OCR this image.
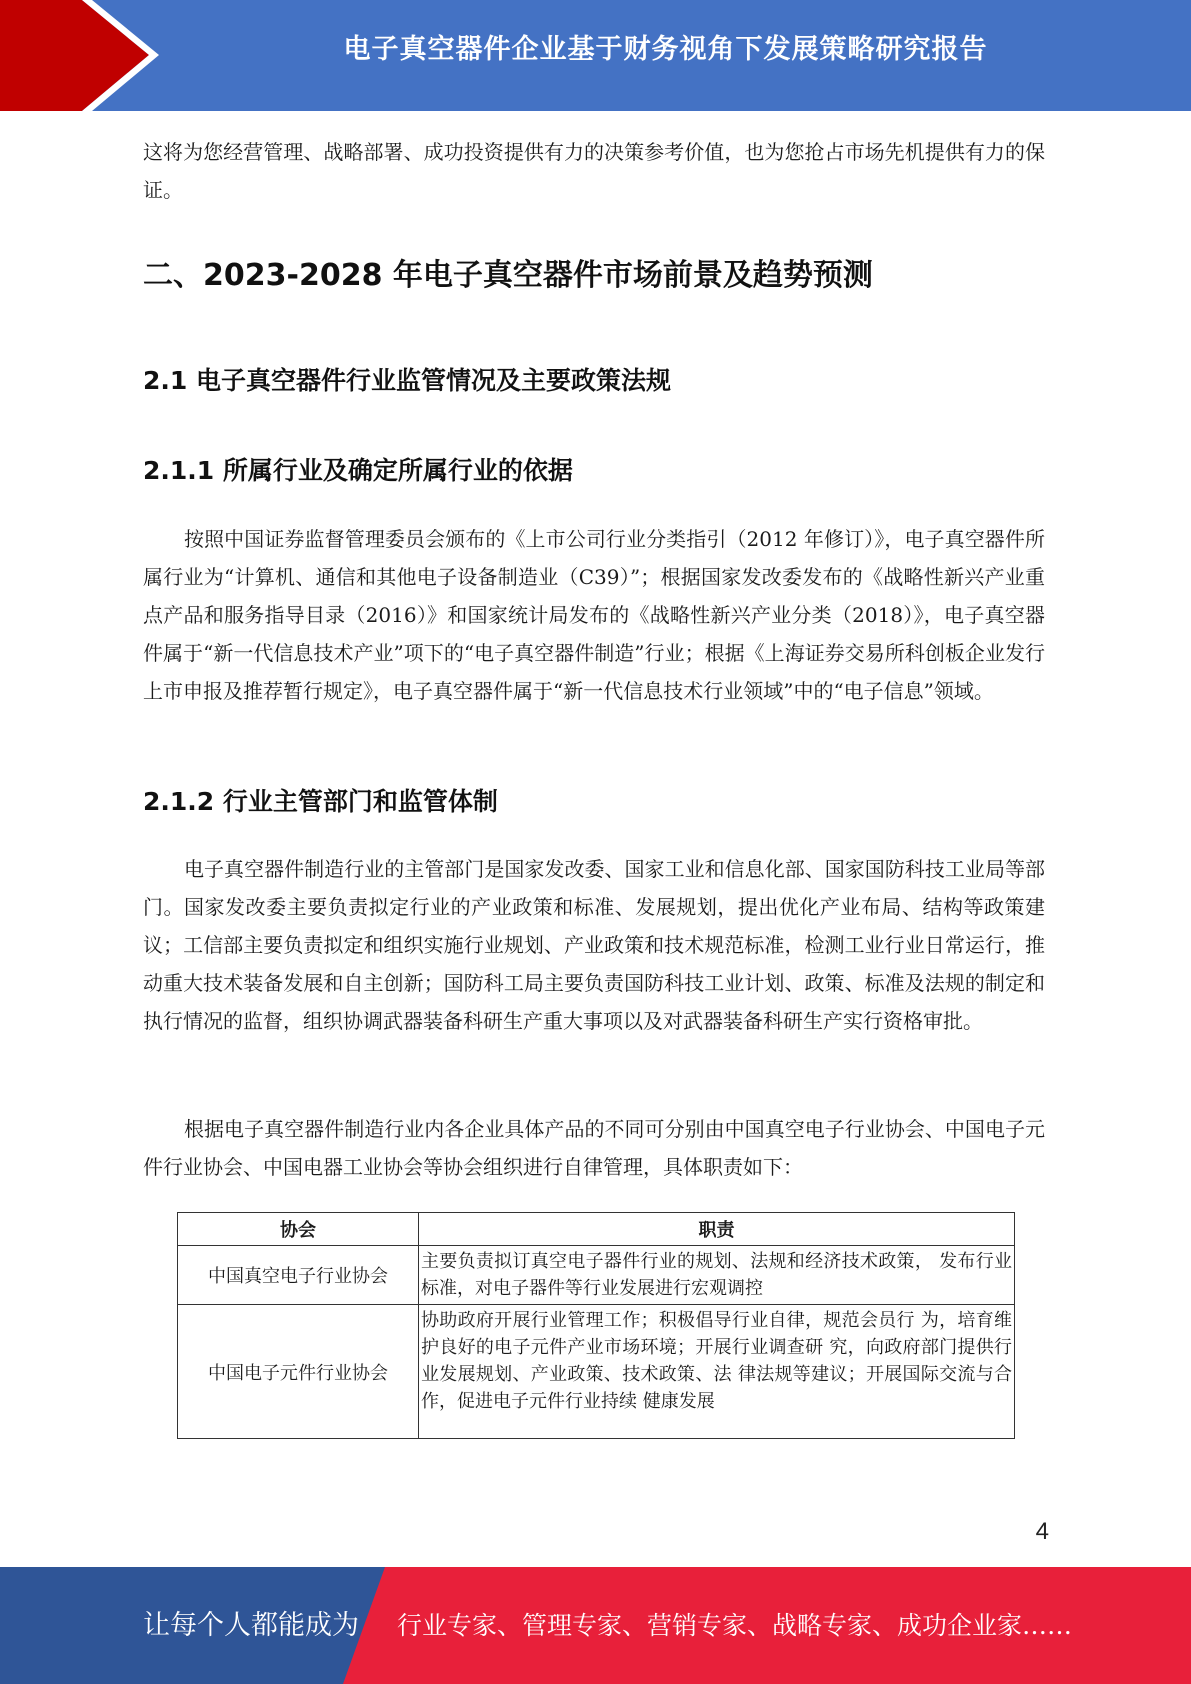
电子真空器件企业基于财务视角下发展策略研究报告

这将为您经营管理、战略部署、成功投资提供有力的决策参考价值，也为您抢占市场先机提供有力的保证。

二、2023-2028 年电子真空器件市场前景及趋势预测
2.1 电子真空器件行业监管情况及主要政策法规
2.1.1 所属行业及确定所属行业的依据

按照中国证券监督管理委员会颁布的《上市公司行业分类指引（2012 年修订）》，电子真空器件所属行业为“计算机、通信和其他电子设备制造业（C39）”；根据国家发改委发布的《战略性新兴产业重点产品和服务指导目录（2016）》和国家统计局发布的《战略性新兴产业分类（2018）》，电子真空器件属于“新一代信息技术产业”项下的“电子真空器件制造”行业；根据《上海证券交易所科创板企业发行上市申报及推荐暂行规定》，电子真空器件属于“新一代信息技术行业领域”中的“电子信息”领域。

2.1.2 行业主管部门和监管体制

电子真空器件制造行业的主管部门是国家发改委、国家工业和信息化部、国家国防科技工业局等部门。国家发改委主要负责拟定行业的产业政策和标准、发展规划，提出优化产业布局、结构等政策建议；工信部主要负责拟定和组织实施行业规划、产业政策和技术规范标准，检测工业行业日常运行，推动重大技术装备发展和自主创新；国防科工局主要负责国防科技工业计划、政策、标准及法规的制定和执行情况的监督，组织协调武器装备科研生产重大事项以及对武器装备科研生产实行资格审批。

根据电子真空器件制造行业内各企业具体产品的不同可分别由中国真空电子行业协会、中国电子元件行业协会、中国电器工业协会等协会组织进行自律管理，具体职责如下：

协会	职责
中国真空电子行业协会	主要负责拟订真空电子器件行业的规划、法规和经济技术政策， 发布行业标准，对电子器件等行业发展进行宏观调控
中国电子元件行业协会	协助政府开展行业管理工作；积极倡导行业自律，规范会员行 为，培育维护良好的电子元件产业市场环境；开展行业调查研 究，向政府部门提供行业发展规划、产业政策、技术政策、法 律法规等建议；开展国际交流与合作，促进电子元件行业持续 健康发展
4
让每个人都能成为 行业专家、管理专家、营销专家、战略专家、成功企业家……
